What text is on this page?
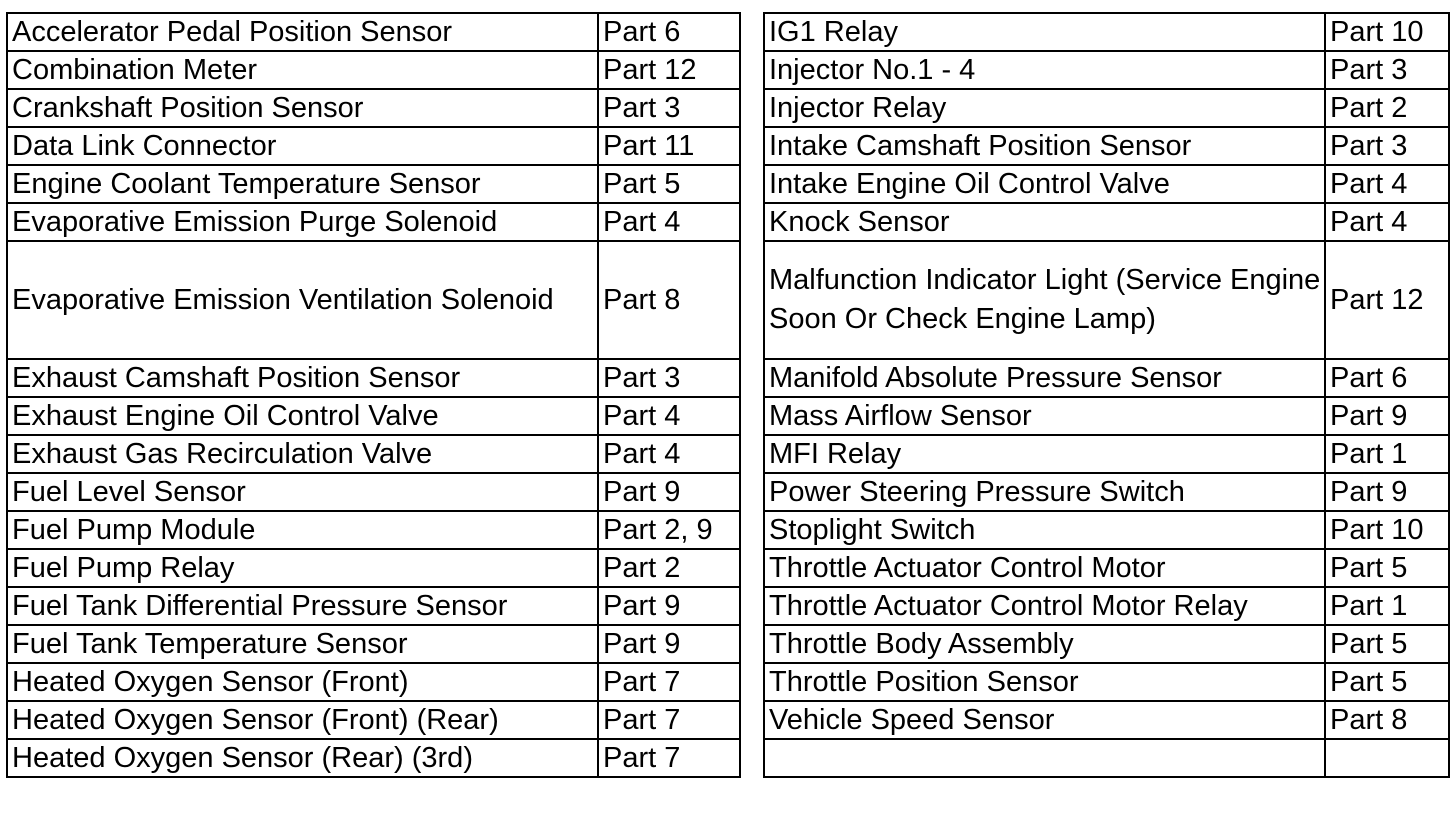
Accelerator Pedal Position Sensor	Part 6		IG1 Relay	Part 10
Combination Meter	Part 12		Injector No.1 - 4	Part 3
Crankshaft Position Sensor	Part 3		Injector Relay	Part 2
Data Link Connector	Part 11		Intake Camshaft Position Sensor	Part 3
Engine Coolant Temperature Sensor	Part 5		Intake Engine Oil Control Valve	Part 4
Evaporative Emission Purge Solenoid	Part 4		Knock Sensor	Part 4
Evaporative Emission Ventilation Solenoid	Part 8		Malfunction Indicator Light (Service Engine Soon Or Check Engine Lamp)	Part 12
Exhaust Camshaft Position Sensor	Part 3		Manifold Absolute Pressure Sensor	Part 6
Exhaust Engine Oil Control Valve	Part 4		Mass Airflow Sensor	Part 9
Exhaust Gas Recirculation Valve	Part 4		MFI Relay	Part 1
Fuel Level Sensor	Part 9		Power Steering Pressure Switch	Part 9
Fuel Pump Module	Part 2, 9		Stoplight Switch	Part 10
Fuel Pump Relay	Part 2		Throttle Actuator Control Motor	Part 5
Fuel Tank Differential Pressure Sensor	Part 9		Throttle Actuator Control Motor Relay	Part 1
Fuel Tank Temperature Sensor	Part 9		Throttle Body Assembly	Part 5
Heated Oxygen Sensor (Front)	Part 7		Throttle Position Sensor	Part 5
Heated Oxygen Sensor (Front) (Rear)	Part 7		Vehicle Speed Sensor	Part 8
Heated Oxygen Sensor (Rear) (3rd)	Part 7			
